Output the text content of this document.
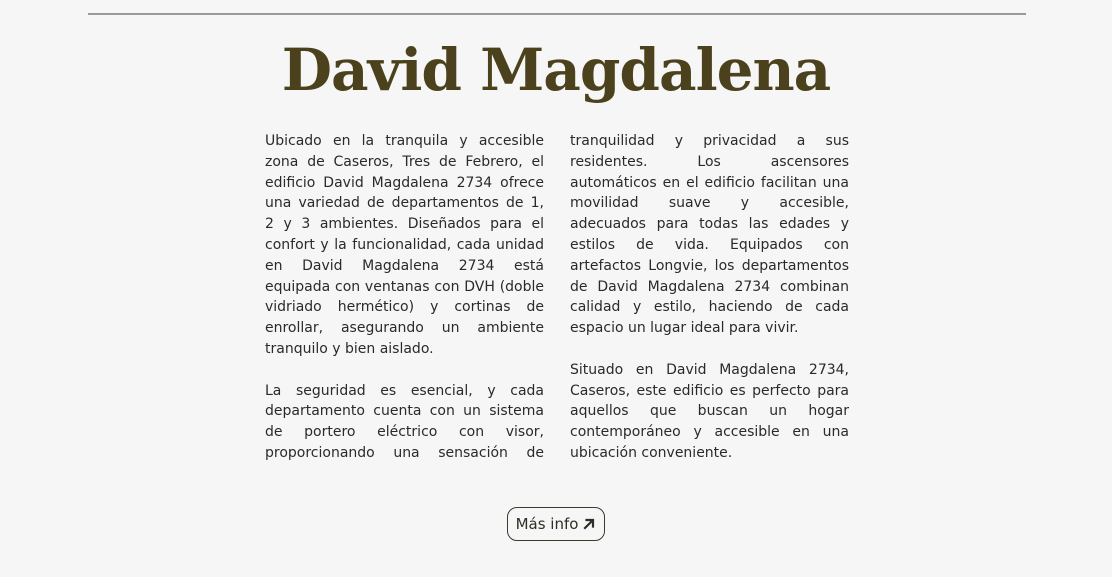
David Magdalena

Ubicado en la tranquila y accesible zona de Caseros, Tres de Febrero, el edificio David Magdalena 2734 ofrece una variedad de departamentos de 1, 2 y 3 ambientes. Diseñados para el confort y la funcionalidad, cada unidad en David Magdalena 2734 está equipada con ventanas con DVH (doble vidriado hermético) y cortinas de enrollar, asegurando un ambiente tranquilo y bien aislado.

La seguridad es esencial, y cada departamento cuenta con un sistema de portero eléctrico con visor, proporcionando una sensación de tranquilidad y privacidad a sus residentes. Los ascensores automáticos en el edificio facilitan una movilidad suave y accesible, adecuados para todas las edades y estilos de vida. Equipados con artefactos Longvie, los departamentos de David Magdalena 2734 combinan calidad y estilo, haciendo de cada espacio un lugar ideal para vivir.

Situado en David Magdalena 2734, Caseros, este edificio es perfecto para aquellos que buscan un hogar contemporáneo y accesible en una ubicación conveniente.

Más info
